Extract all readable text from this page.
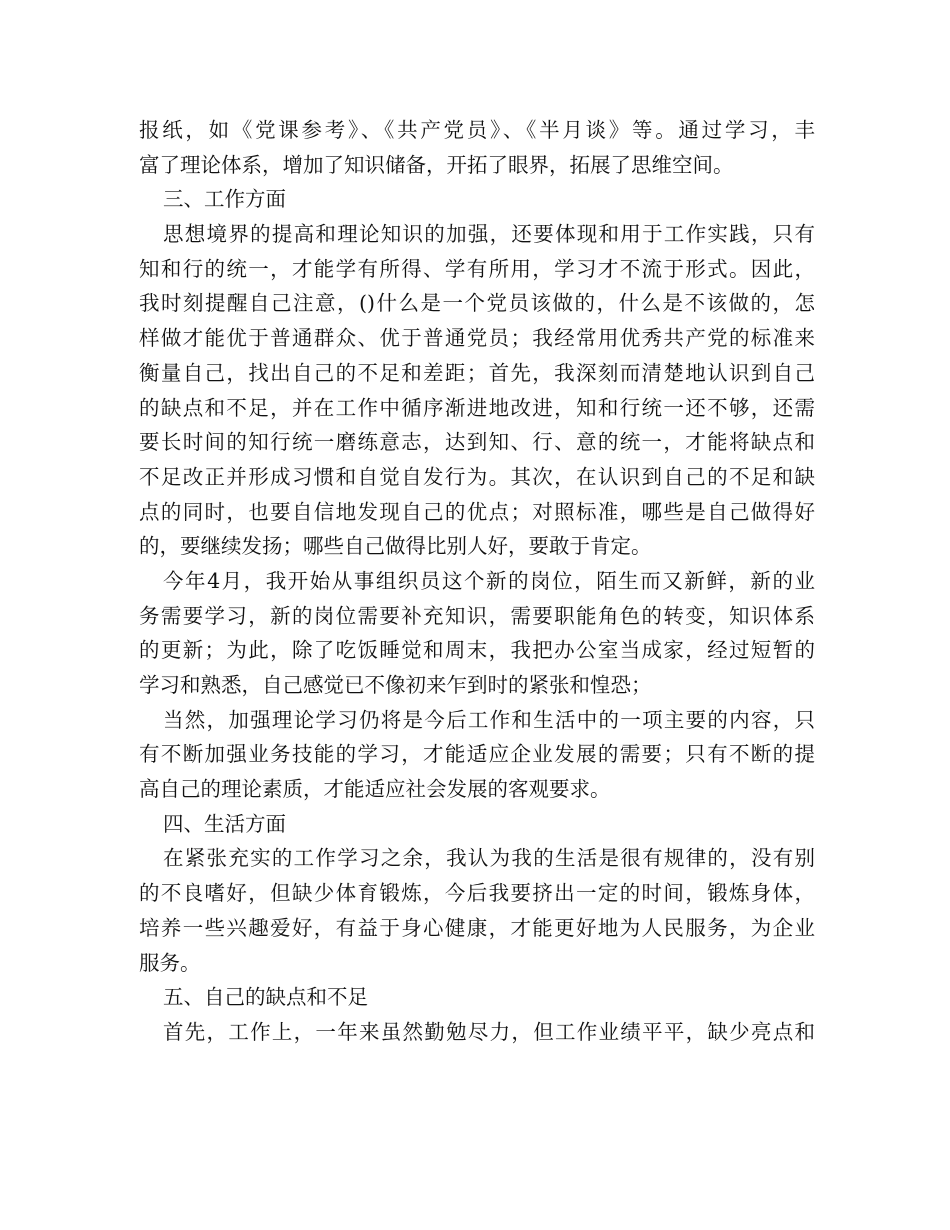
报纸，如《党课参考》、《共产党员》、《半月谈》等。通过学习，丰
富了理论体系，增加了知识储备，开拓了眼界，拓展了思维空间。
三、工作方面
思想境界的提高和理论知识的加强，还要体现和用于工作实践，只有
知和行的统一，才能学有所得、学有所用，学习才不流于形式。因此，
我时刻提醒自己注意，()什么是一个党员该做的，什么是不该做的，怎
样做才能优于普通群众、优于普通党员；我经常用优秀共产党的标准来
衡量自己，找出自己的不足和差距；首先，我深刻而清楚地认识到自己
的缺点和不足，并在工作中循序渐进地改进，知和行统一还不够，还需
要长时间的知行统一磨练意志，达到知、行、意的统一，才能将缺点和
不足改正并形成习惯和自觉自发行为。其次，在认识到自己的不足和缺
点的同时，也要自信地发现自己的优点；对照标准，哪些是自己做得好
的，要继续发扬；哪些自己做得比别人好，要敢于肯定。
今年4月，我开始从事组织员这个新的岗位，陌生而又新鲜，新的业
务需要学习，新的岗位需要补充知识，需要职能角色的转变，知识体系
的更新；为此，除了吃饭睡觉和周末，我把办公室当成家，经过短暂的
学习和熟悉，自己感觉已不像初来乍到时的紧张和惶恐；
当然，加强理论学习仍将是今后工作和生活中的一项主要的内容，只
有不断加强业务技能的学习，才能适应企业发展的需要；只有不断的提
高自己的理论素质，才能适应社会发展的客观要求。
四、生活方面
在紧张充实的工作学习之余，我认为我的生活是很有规律的，没有别
的不良嗜好，但缺少体育锻炼，今后我要挤出一定的时间，锻炼身体，
培养一些兴趣爱好，有益于身心健康，才能更好地为人民服务，为企业
服务。
五、自己的缺点和不足
首先，工作上，一年来虽然勤勉尽力，但工作业绩平平，缺少亮点和
